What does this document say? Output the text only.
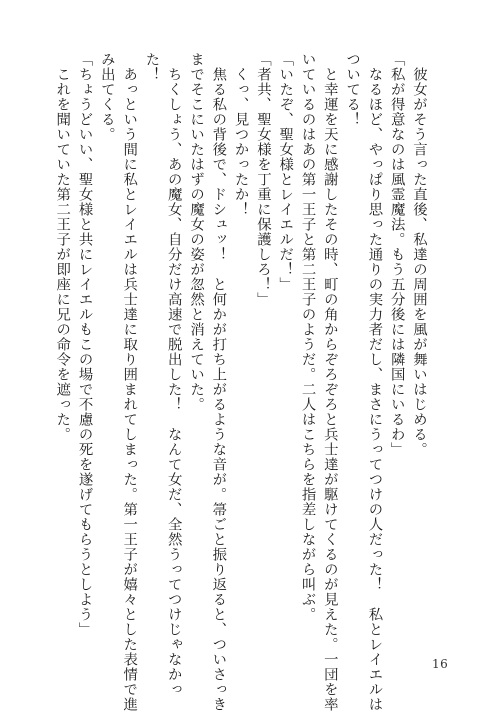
　彼女がそう言った直後、私達の周囲を風が舞いはじめる。
「私が得意なのは風霊魔法。もう五分後には隣国にいるわ」
　なるほど、やっぱり思った通りの実力者だし、まさにうってつけの人だった！　私とレイエルは
ついてる！
　と幸運を天に感謝したその時、町の角からぞろぞろと兵士達が駆けてくるのが見えた。一団を率
いているのはあの第一王子と第二王子のようだ。二人はこちらを指差しながら叫ぶ。
「いたぞ、聖女様とレイエルだ！」
「者共、聖女様を丁重に保護しろ！」
　くっ、見つかったか！
　焦る私の背後で、ドシュッ！　と何かが打ち上がるような音が。箒ごと振り返ると、ついさっき
までそこにいたはずの魔女の姿が忽然と消えていた。
　ちくしょう、あの魔女、自分だけ高速で脱出した！　なんて女だ、全然うってつけじゃなかっ
た！
　あっという間に私とレイエルは兵士達に取り囲まれてしまった。第一王子が嬉々とした表情で進
み出てくる。
「ちょうどいい、聖女様と共にレイエルもこの場で不慮の死を遂げてもらうとしよう」
　これを聞いていた第二王子が即座に兄の命令を遮った。
16
